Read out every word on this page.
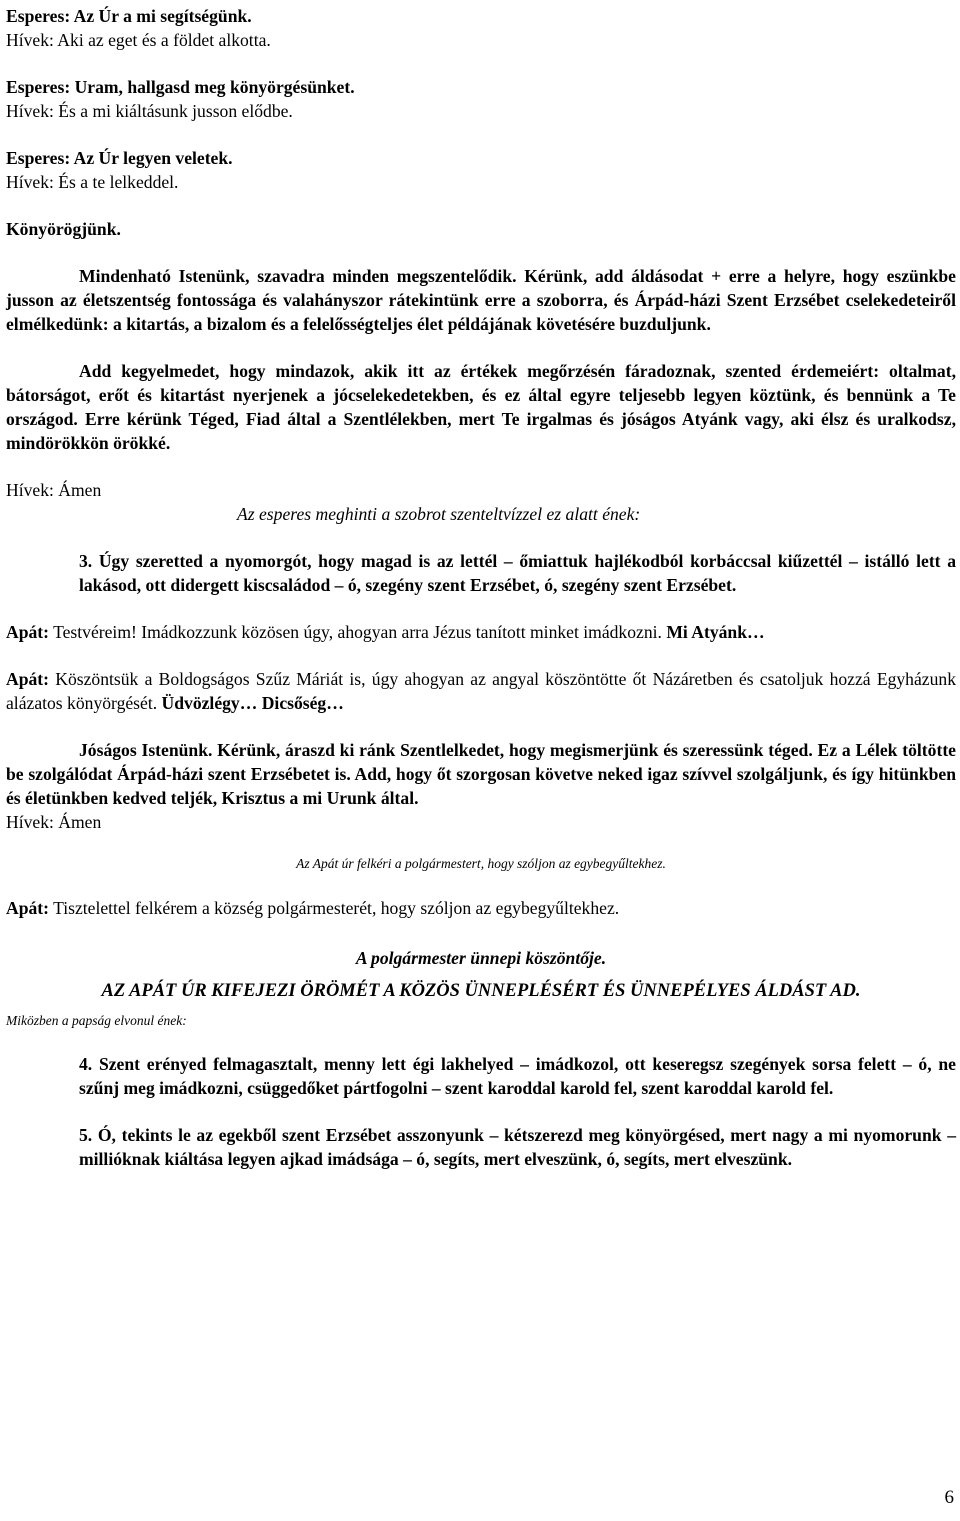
Esperes: Az Úr a mi segítségünk.
Hívek: Aki az eget és a földet alkotta.
Esperes: Uram, hallgasd meg könyörgésünket.
Hívek: És a mi kiáltásunk jusson elődbe.
Esperes: Az Úr legyen veletek.
Hívek: És a te lelkeddel.
Könyörögjünk.
Mindenható Istenünk, szavadra minden megszentelődik. Kérünk, add áldásodat + erre a helyre, hogy eszünkbe jusson az életszentség fontossága és valahányszor rátekintünk erre a szoborra, és Árpád-házi Szent Erzsébet cselekedeteiről elmélkedünk: a kitartás, a bizalom és a felelősségteljes élet példájának követésére buzduljunk.
Add kegyelmedet, hogy mindazok, akik itt az értékek megőrzésén fáradoznak, szented érdemeiért: oltalmat, bátorságot, erőt és kitartást nyerjenek a jócselekedetekben, és ez által egyre teljesebb legyen köztünk, és bennünk a Te országod. Erre kérünk Téged, Fiad által a Szentlélekben, mert Te irgalmas és jóságos Atyánk vagy, aki élsz és uralkodsz, mindörökkön örökké.
Hívek: Ámen
Az esperes meghinti a szobrot szenteltvízzel ez alatt ének:
3. Úgy szeretted a nyomorgót, hogy magad is az lettél – őmiattuk hajlékodból korbáccsal kiűzettél – istálló lett a lakásod, ott didergett kiscsaládod – ó, szegény szent Erzsébet, ó, szegény szent Erzsébet.
Apát: Testvéreim! Imádkozzunk közösen úgy, ahogyan arra Jézus tanított minket imádkozni. Mi Atyánk…
Apát: Köszöntsük a Boldogságos Szűz Máriát is, úgy ahogyan az angyal köszöntötte őt Názáretben és csatoljuk hozzá Egyházunk alázatos könyörgését. Üdvözlégy… Dicsőség…
Jóságos Istenünk. Kérünk, áraszd ki ránk Szentlelkedet, hogy megismerjünk és szeressünk téged. Ez a Lélek töltötte be szolgálódat Árpád-házi szent Erzsébetet is. Add, hogy őt szorgosan követve neked igaz szívvel szolgáljunk, és így hitünkben és életünkben kedved teljék, Krisztus a mi Urunk által.
Hívek: Ámen
Az Apát úr felkéri a polgármestert, hogy szóljon az egybegyűltekhez.
Apát: Tisztelettel felkérem a község polgármesterét, hogy szóljon az egybegyűltekhez.
A polgármester ünnepi köszöntője.
AZ APÁT ÚR KIFEJEZI ÖRÖMÉT A KÖZÖS ÜNNEPLÉSÉRT ÉS ÜNNEPÉLYES ÁLDÁST AD.
Miközben a papság elvonul ének:
4. Szent erényed felmagasztalt, menny lett égi lakhelyed – imádkozol, ott keseregsz szegények sorsa felett – ó, ne szűnj meg imádkozni, csüggedőket pártfogolni – szent karoddal karold fel, szent karoddal karold fel.
5. Ó, tekints le az egekből szent Erzsébet asszonyunk – kétszerezd meg könyörgésed, mert nagy a mi nyomorunk – millióknak kiáltása legyen ajkad imádsága – ó, segíts, mert elveszünk, ó, segíts, mert elveszünk.
6
